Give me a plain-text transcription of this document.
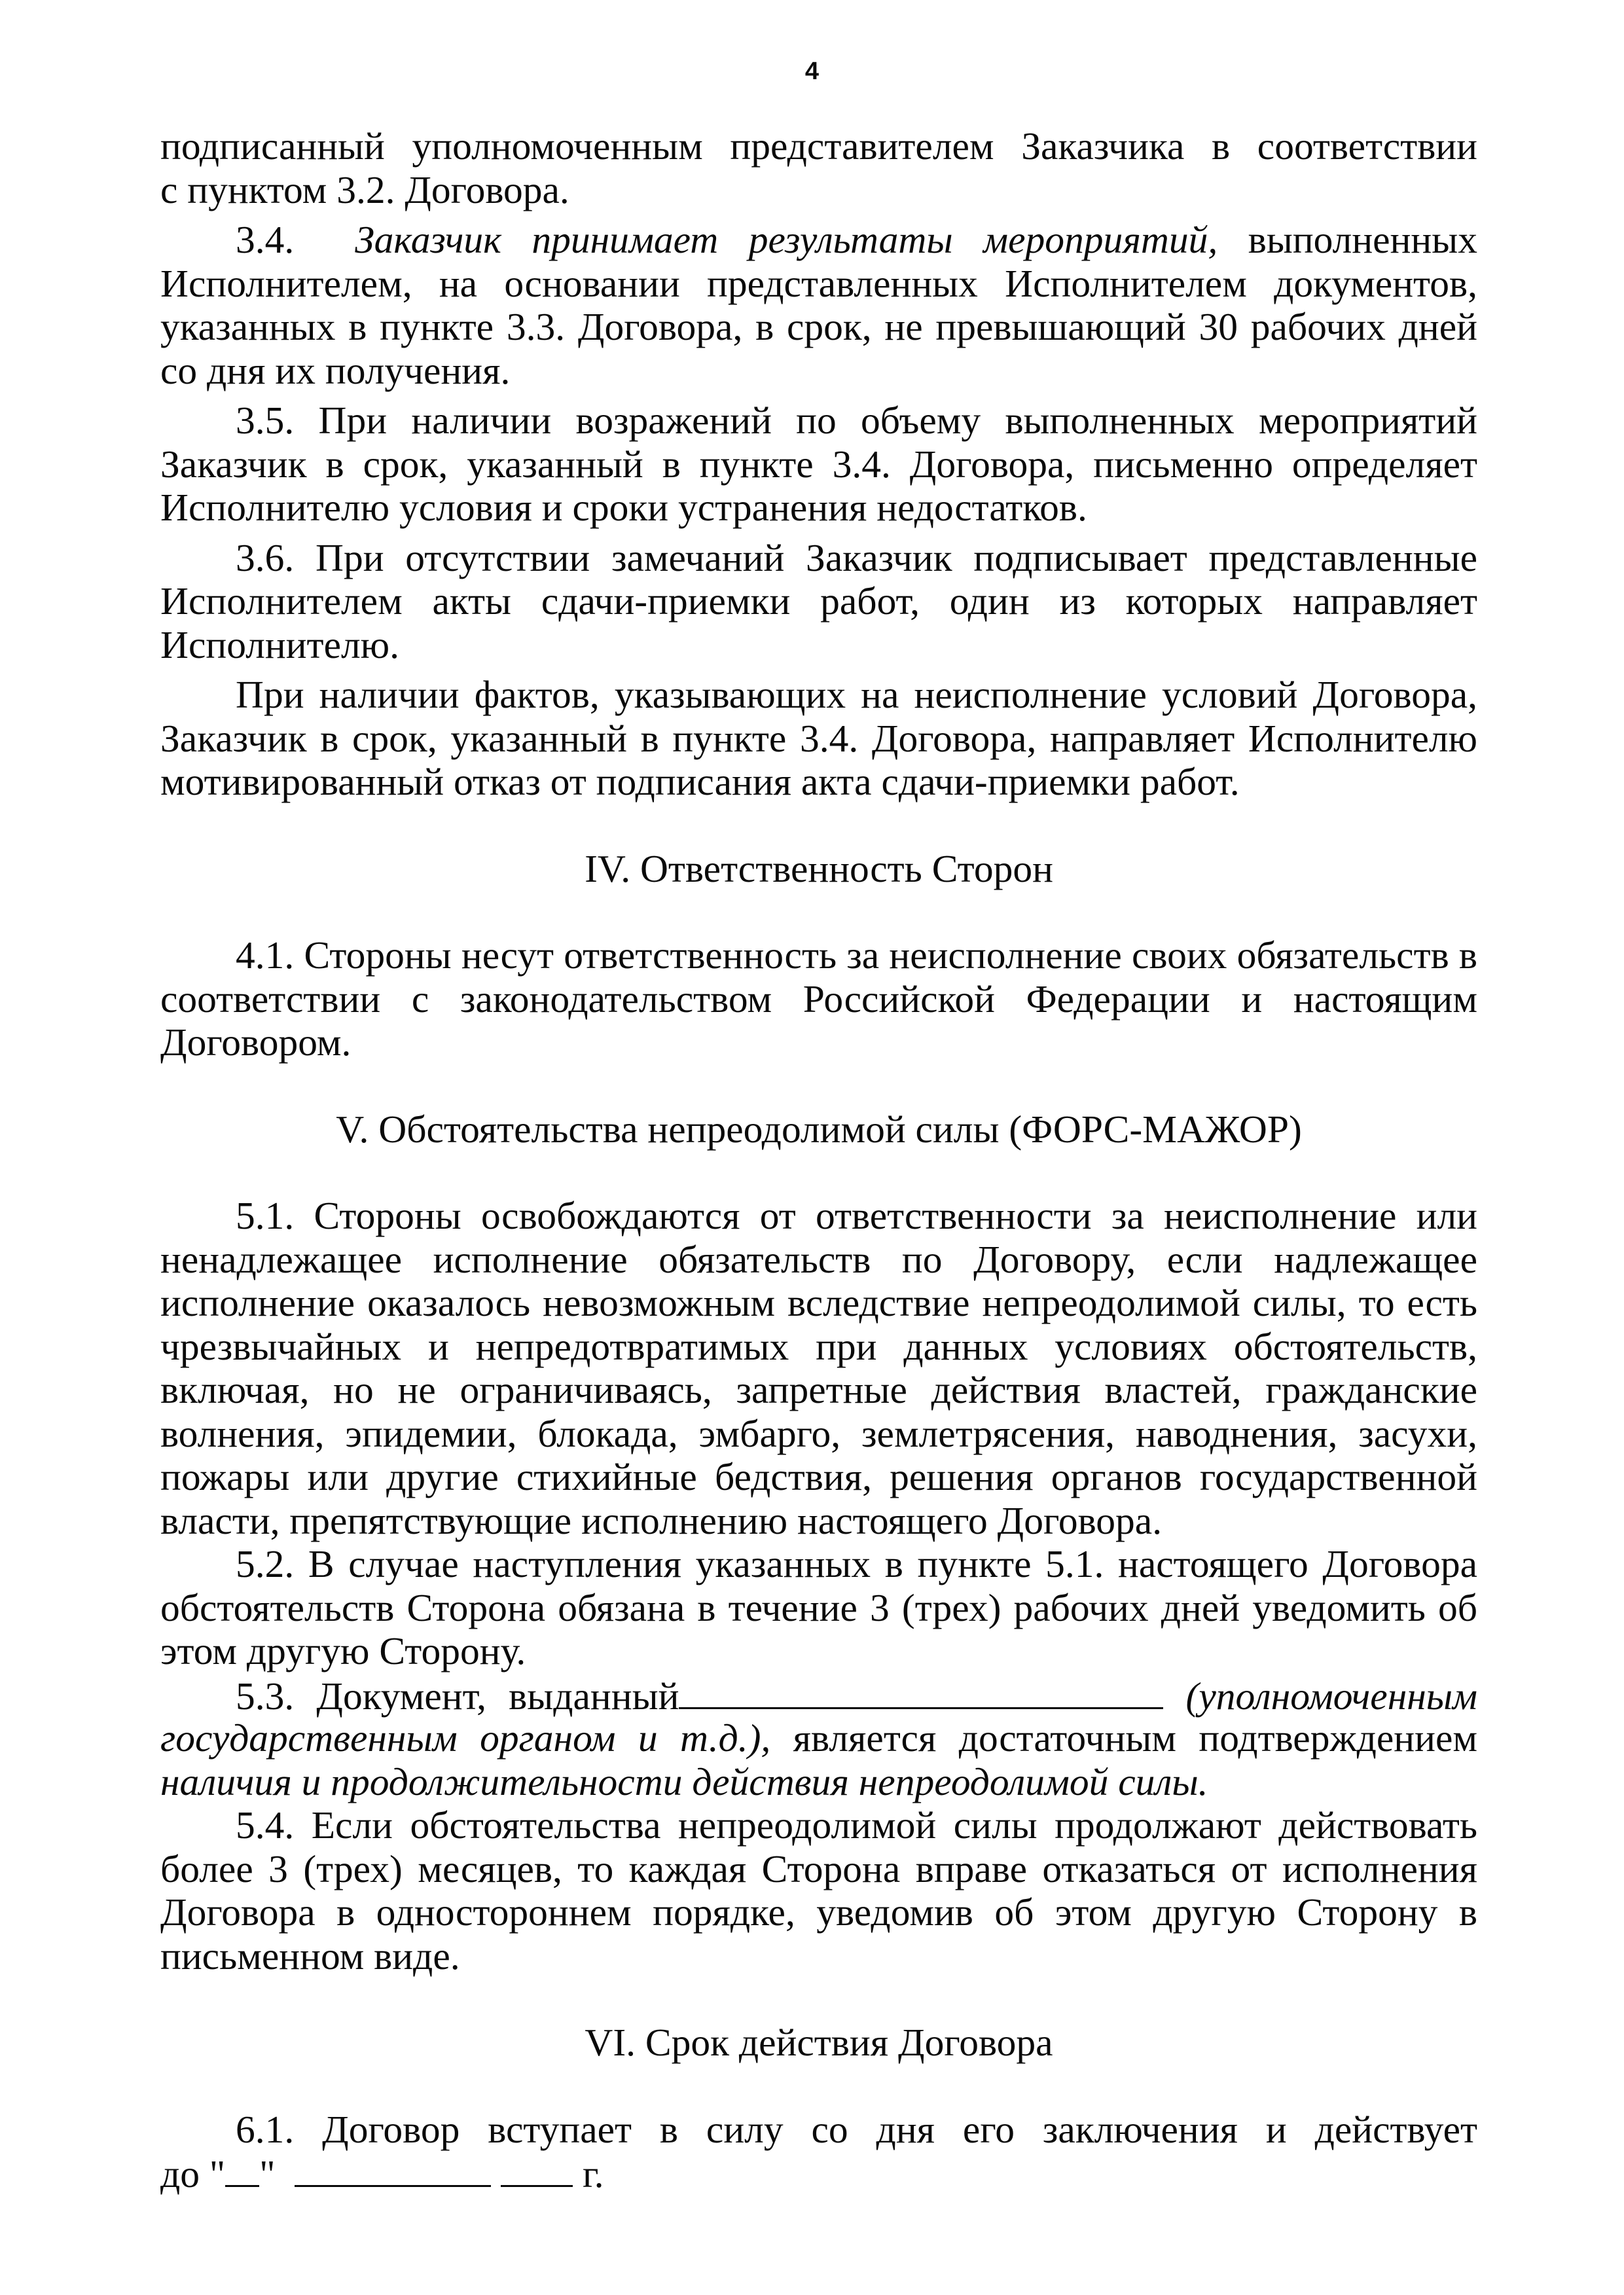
4
подписанный уполномоченным представителем Заказчика в соответствии
с пунктом 3.2. Договора.
3.4. Заказчик принимает результаты мероприятий, выполненных
Исполнителем, на основании представленных Исполнителем документов,
указанных в пункте 3.3. Договора, в срок, не превышающий 30 рабочих дней
со дня их получения.
3.5. При наличии возражений по объему выполненных мероприятий
Заказчик в срок, указанный в пункте 3.4. Договора, письменно определяет
Исполнителю условия и сроки устранения недостатков.
3.6. При отсутствии замечаний Заказчик подписывает представленные
Исполнителем акты сдачи-приемки работ, один из которых направляет
Исполнителю.
При наличии фактов, указывающих на неисполнение условий Договора,
Заказчик в срок, указанный в пункте 3.4. Договора, направляет Исполнителю
мотивированный отказ от подписания акта сдачи-приемки работ.
IV. Ответственность Сторон
4.1. Стороны несут ответственность за неисполнение своих обязательств в
соответствии с законодательством Российской Федерации и настоящим
Договором.
V. Обстоятельства непреодолимой силы (ФОРС-МАЖОР)
5.1. Стороны освобождаются от ответственности за неисполнение или
ненадлежащее исполнение обязательств по Договору, если надлежащее
исполнение оказалось невозможным вследствие непреодолимой силы, то есть
чрезвычайных и непредотвратимых при данных условиях обстоятельств,
включая, но не ограничиваясь, запретные действия властей, гражданские
волнения, эпидемии, блокада, эмбарго, землетрясения, наводнения, засухи,
пожары или другие стихийные бедствия, решения органов государственной
власти, препятствующие исполнению настоящего Договора.
5.2. В случае наступления указанных в пункте 5.1. настоящего Договора
обстоятельств Сторона обязана в течение 3 (трех) рабочих дней уведомить об
этом другую Сторону.
5.3. Документ, выданный	(уполномоченным
государственным органом и т.д.), является достаточным подтверждением
наличия и продолжительности действия непреодолимой силы.
5.4. Если обстоятельства непреодолимой силы продолжают действовать
более 3 (трех) месяцев, то каждая Сторона вправе отказаться от исполнения
Договора в одностороннем порядке, уведомив об этом другую Сторону в
письменном виде.
VI. Срок действия Договора
6.1. Договор вступает в силу со дня его заключения и действует
до " "	г.
